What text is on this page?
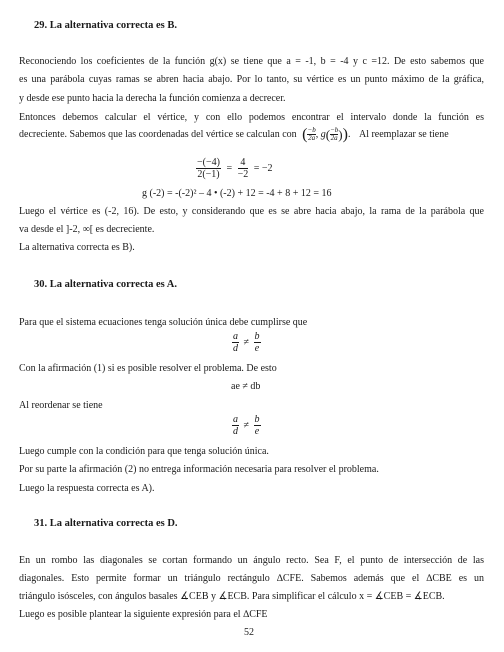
29. La alternativa correcta es B.
Reconociendo los coeficientes de la función g(x) se tiene que a = -1, b = -4 y c =12. De esto sabemos que
es una parábola cuyas ramas se abren hacia abajo. Por lo tanto, su vértice es un punto máximo de la gráfica,
y desde ese punto hacia la derecha la función comienza a decrecer.
Entonces debemos calcular el vértice, y con ello podemos encontrar el intervalo donde la función es
decreciente. Sabemos que las coordenadas del vértice se calculan con ( $\frac{-b}{2a}$ , $g( \frac{-b}{2a}$ )). Al reemplazar se tiene
$\frac{-(-4)}{2(-1)} = \frac{4}{-2} = -2$
g (-2) = -(-2)² – 4 • (-2) + 12 = -4 + 8 + 12 = 16
Luego el vértice es (-2, 16). De esto, y considerando que es se abre hacia abajo, la rama de la parábola que
va desde el ]-2, ∞[ es decreciente.
La alternativa correcta es B).
30. La alternativa correcta es A.
Para que el sistema ecuaciones tenga solución única debe cumplirse que
$\frac{a}{d} \ne \frac{b}{e}$
Con la afirmación (1) si es posible resolver el problema. De esto
ae ≠ db
Al reordenar se tiene
$\frac{a}{d} \ne \frac{b}{e}$
Luego cumple con la condición para que tenga solución única.
Por su parte la afirmación (2) no entrega información necesaria para resolver el problema.
Luego la respuesta correcta es A).
31. La alternativa correcta es D.
En un rombo las diagonales se cortan formando un ángulo recto. Sea F, el punto de intersección de las
diagonales. Esto permite formar un triángulo rectángulo ∆CFE. Sabemos además que el ∆CBE es un
triángulo isósceles, con ángulos basales ∡CEB y ∡ECB. Para simplificar el cálculo x = ∡CEB = ∡ECB.
Luego es posible plantear la siguiente expresión para el ∆CFE
52
